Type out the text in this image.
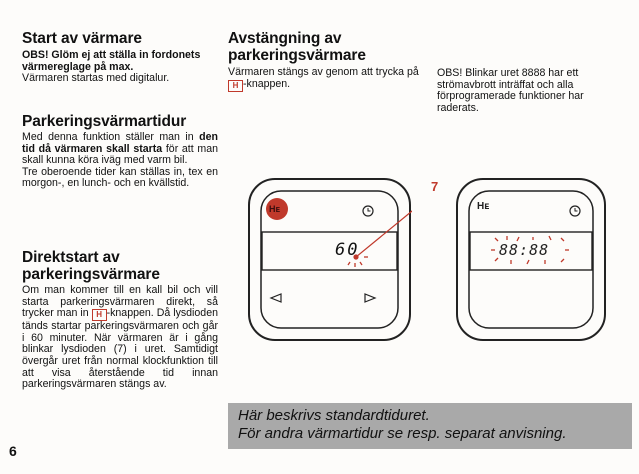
Start av värmare

OBS! Glöm ej att ställa in fordonets värmereglage på max.

Värmaren startas med digitalur.

Parkeringsvärmartidur

Med denna funktion ställer man in den tid då värmaren skall starta för att man skall kunna köra iväg med varm bil.

Tre oberoende tider kan ställas in, tex en morgon-, en lunch- och en kvällstid.

Direktstart av parkeringsvärmare

Om man kommer till en kall bil och vill starta parkeringsvärmaren direkt, så trycker man in H -knappen. Då lysdioden tänds startar parkeringsvärmaren och går i 60 minuter. När värmaren är i gång blinkar lysdioden (7) i uret. Samtidigt övergår uret från normal klockfunktion till att visa återstående tid innan parkeringsvärmaren stängs av.

Avstängning av parkeringsvärmare

Värmaren stängs av genom att trycka på H -knappen.

OBS! Blinkar uret 8888 har ett strömavbrott inträffat och alla förprogramerade funktioner har raderats.

60
Hᴇ
7
88:88
Hᴇ
Här beskrivs standardtiduret.
För andra värmartidur se resp. separat anvisning.
6
